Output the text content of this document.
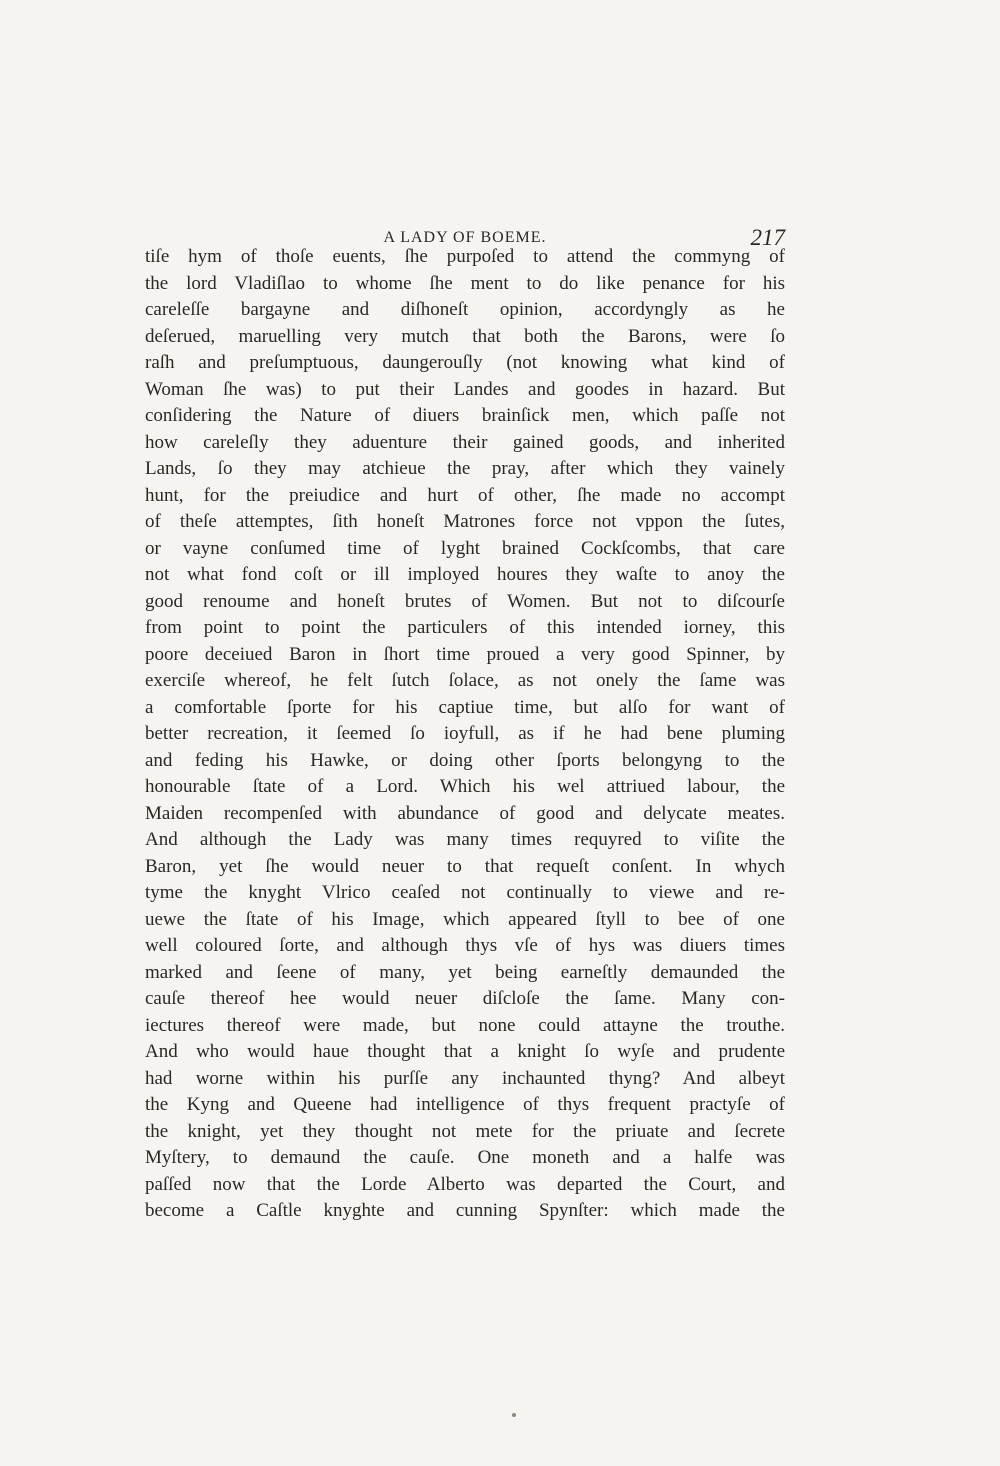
A LADY OF BOEME.	217
tiſe hym of thoſe euents, ſhe purpoſed to attend the commyng of
the lord Vladiſlao to whome ſhe ment to do like penance for his
careleſſe bargayne and diſhoneſt opinion, accordyngly as he
deſerued, maruelling very mutch that both the Barons, were ſo
raſh and preſumptuous, daungerouſly (not knowing what kind of
Woman ſhe was) to put their Landes and goodes in hazard. But
conſidering the Nature of diuers brainſick men, which paſſe not
how careleſly they aduenture their gained goods, and inherited
Lands, ſo they may atchieue the pray, after which they vainely
hunt, for the preiudice and hurt of other, ſhe made no accompt
of theſe attemptes, ſith honeſt Matrones force not vppon the ſutes,
or vayne conſumed time of lyght brained Cockſcombs, that care
not what fond coſt or ill imployed houres they waſte to anoy the
good renoume and honeſt brutes of Women. But not to diſcourſe
from point to point the particulers of this intended iorney, this
poore deceiued Baron in ſhort time proued a very good Spinner, by
exerciſe whereof, he felt ſutch ſolace, as not onely the ſame was
a comfortable ſporte for his captiue time, but alſo for want of
better recreation, it ſeemed ſo ioyfull, as if he had bene pluming
and feding his Hawke, or doing other ſports belongyng to the
honourable ſtate of a Lord. Which his wel attriued labour, the
Maiden recompenſed with abundance of good and delycate meates.
And although the Lady was many times requyred to viſite the
Baron, yet ſhe would neuer to that requeſt conſent. In whych
tyme the knyght Vlrico ceaſed not continually to viewe and re-
uewe the ſtate of his Image, which appeared ſtyll to bee of one
well coloured ſorte, and although thys vſe of hys was diuers times
marked and ſeene of many, yet being earneſtly demaunded the
cauſe thereof hee would neuer diſcloſe the ſame. Many con-
iectures thereof were made, but none could attayne the trouthe.
And who would haue thought that a knight ſo wyſe and prudente
had worne within his purſſe any inchaunted thyng? And albeyt
the Kyng and Queene had intelligence of thys frequent practyſe of
the knight, yet they thought not mete for the priuate and ſecrete
Myſtery, to demaund the cauſe. One moneth and a halfe was
paſſed now that the Lorde Alberto was departed the Court, and
become a Caſtle knyghte and cunning Spynſter: which made the
